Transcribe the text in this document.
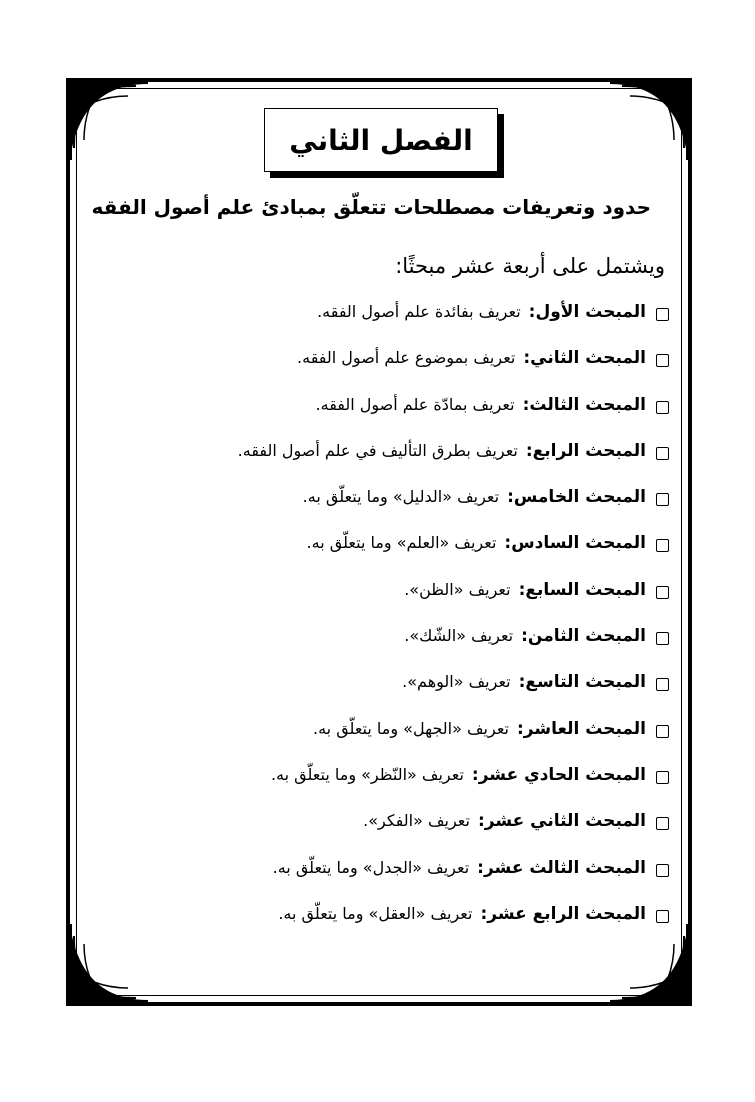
الفصل الثاني
حدود وتعريفات مصطلحات تتعلّق بمبادئ علم أصول الفقه
ويشتمل على أربعة عشر مبحثًا:
المبحث الأول:
تعريف بفائدة علم أصول الفقه.
المبحث الثاني:
تعريف بموضوع علم أصول الفقه.
المبحث الثالث:
تعريف بمادّة علم أصول الفقه.
المبحث الرابع:
تعريف بطرق التأليف في علم أصول الفقه.
المبحث الخامس:
تعريف «الدليل» وما يتعلّق به.
المبحث السادس:
تعريف «العلم» وما يتعلّق به.
المبحث السابع:
تعريف «الظن».
المبحث الثامن:
تعريف «الشّك».
المبحث التاسع:
تعريف «الوهم».
المبحث العاشر:
تعريف «الجهل» وما يتعلّق به.
المبحث الحادي عشر:
تعريف «النّظر» وما يتعلّق به.
المبحث الثاني عشر:
تعريف «الفكر».
المبحث الثالث عشر:
تعريف «الجدل» وما يتعلّق به.
المبحث الرابع عشر:
تعريف «العقل» وما يتعلّق به.
